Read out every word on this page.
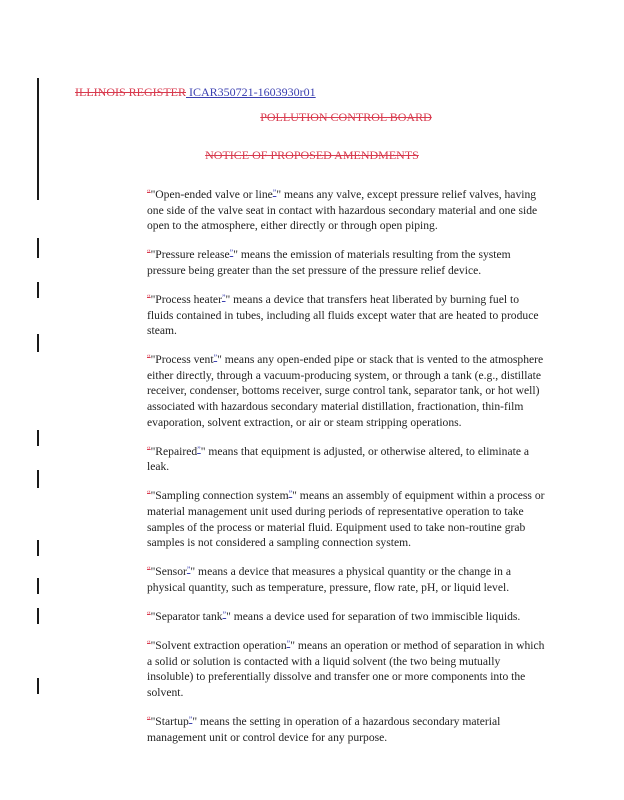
ILLINOIS REGISTER ICAR350721-1603930r01
POLLUTION CONTROL BOARD
NOTICE OF PROPOSED AMENDMENTS

“"Open-ended valve or line”" means any valve, except pressure relief valves, having one side of the valve seat in contact with hazardous secondary material and one side open to the atmosphere, either directly or through open piping.

“"Pressure release”" means the emission of materials resulting from the system pressure being greater than the set pressure of the pressure relief device.

“"Process heater”" means a device that transfers heat liberated by burning fuel to fluids contained in tubes, including all fluids except water that are heated to produce steam.

“"Process vent”" means any open-ended pipe or stack that is vented to the atmosphere either directly, through a vacuum-producing system, or through a tank (e.g., distillate receiver, condenser, bottoms receiver, surge control tank, separator tank, or hot well) associated with hazardous secondary material distillation, fractionation, thin-film evaporation, solvent extraction, or air or steam stripping operations.

“"Repaired”" means that equipment is adjusted, or otherwise altered, to eliminate a leak.

“"Sampling connection system”" means an assembly of equipment within a process or material management unit used during periods of representative operation to take samples of the process or material fluid. Equipment used to take non-routine grab samples is not considered a sampling connection system.

“"Sensor”" means a device that measures a physical quantity or the change in a physical quantity, such as temperature, pressure, flow rate, pH, or liquid level.

“"Separator tank”" means a device used for separation of two immiscible liquids.

“"Solvent extraction operation”" means an operation or method of separation in which a solid or solution is contacted with a liquid solvent (the two being mutually insoluble) to preferentially dissolve and transfer one or more components into the solvent.

“"Startup”" means the setting in operation of a hazardous secondary material management unit or control device for any purpose.
